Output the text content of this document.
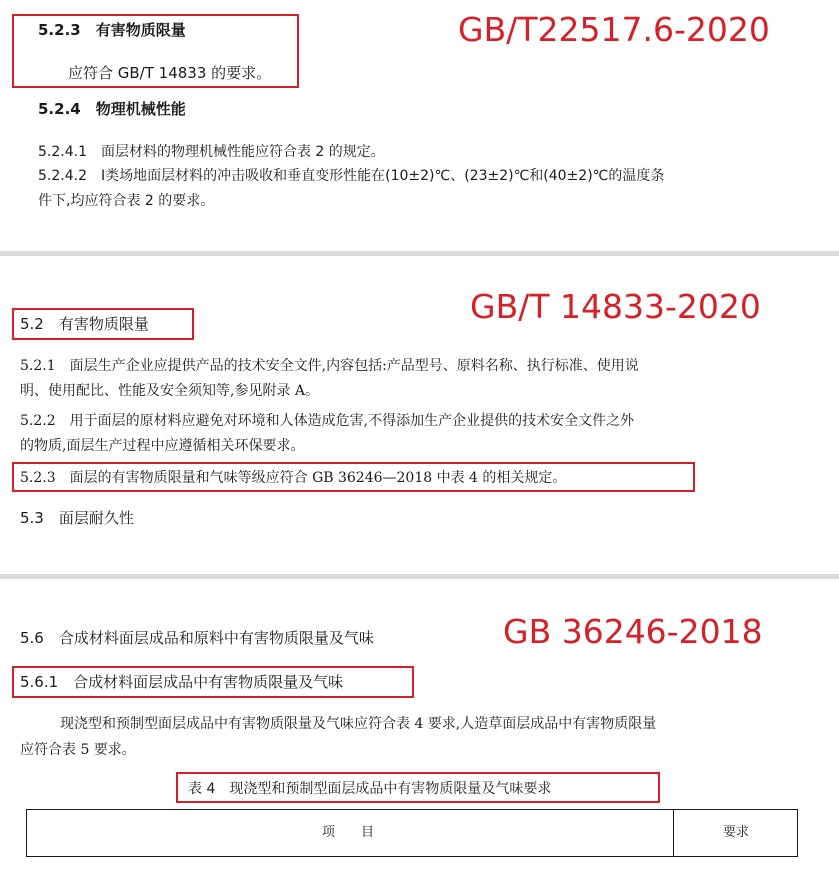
5.2.3　有害物质限量
应符合 GB/T 14833 的要求。
GB/T22517.6-2020
5.2.4　物理机械性能
5.2.4.1　面层材料的物理机械性能应符合表 2 的规定。
5.2.4.2　Ⅰ类场地面层材料的冲击吸收和垂直变形性能在(10±2)℃、(23±2)℃和(40±2)℃的温度条
件下,均应符合表 2 的要求。
5.2　有害物质限量	GB/T 14833-2020
5.2.1　面层生产企业应提供产品的技术安全文件,内容包括:产品型号、原料名称、执行标准、使用说
明、使用配比、性能及安全须知等,参见附录 A。
5.2.2　用于面层的原材料应避免对环境和人体造成危害,不得添加生产企业提供的技术安全文件之外
的物质,面层生产过程中应遵循相关环保要求。
5.2.3　面层的有害物质限量和气味等级应符合 GB 36246—2018 中表 4 的相关规定。
5.3　面层耐久性
5.6　合成材料面层成品和原料中有害物质限量及气味	GB 36246-2018
5.6.1　合成材料面层成品中有害物质限量及气味
现浇型和预制型面层成品中有害物质限量及气味应符合表 4 要求,人造草面层成品中有害物质限量
应符合表 5 要求。
表 4　现浇型和预制型面层成品中有害物质限量及气味要求
项　　目	要求
